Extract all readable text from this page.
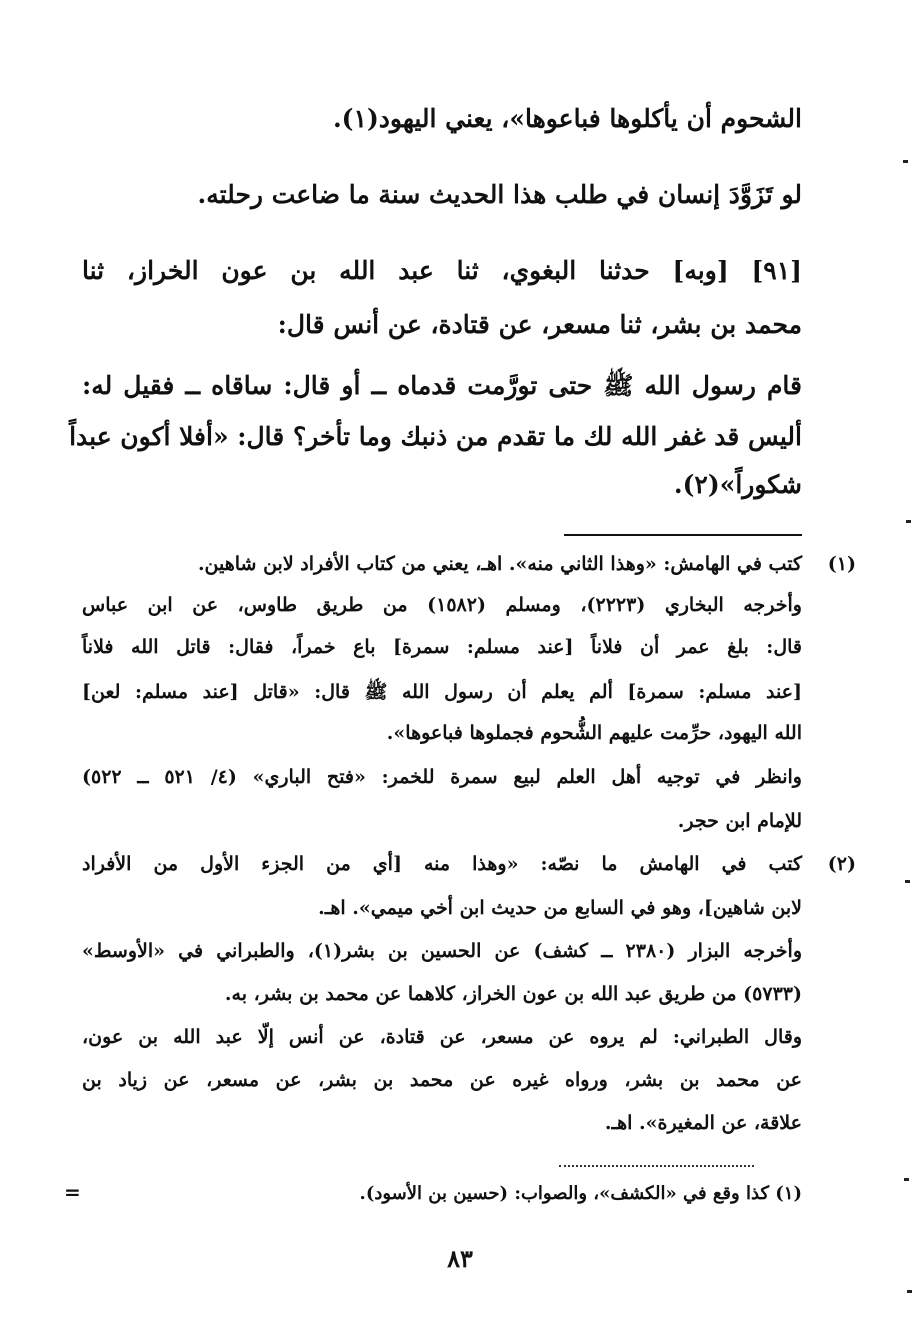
الشحوم أن يأكلوها فباعوها»، يعني اليهود(١).
لو تَزَوَّدَ إنسان في طلب هذا الحديث سنة ما ضاعت رحلته.
[٩١] [وبه] حدثنا البغوي، ثنا عبد الله بن عون الخراز، ثنا
محمد بن بشر، ثنا مسعر، عن قتادة، عن أنس قال:
قام رسول الله ﷺ حتى تورَّمت قدماه ــ أو قال: ساقاه ــ فقيل له:
أليس قد غفر الله لك ما تقدم من ذنبك وما تأخر؟ قال: «أفلا أكون عبداً
شكوراً»(٢).
(١)
كتب في الهامش: «وهذا الثاني منه». اهـ، يعني من كتاب الأفراد لابن شاهين.
وأخرجه البخاري (٢٢٢٣)، ومسلم (١٥٨٢) من طريق طاوس، عن ابن عباس
قال: بلغ عمر أن فلاناً [عند مسلم: سمرة] باع خمراً، فقال: قاتل الله فلاناً
[عند مسلم: سمرة] ألم يعلم أن رسول الله ﷺ قال: «قاتل [عند مسلم: لعن]
الله اليهود، حرِّمت عليهم الشُّحوم فجملوها فباعوها».
وانظر في توجيه أهل العلم لبيع سمرة للخمر: «فتح الباري» (٤/ ٥٢١ ــ ٥٢٢)
للإمام ابن حجر.
(٢)
كتب في الهامش ما نصّه: «وهذا منه [أي من الجزء الأول من الأفراد
لابن شاهين]، وهو في السابع من حديث ابن أخي ميمي». اهـ.
وأخرجه البزار (٢٣٨٠ ــ كشف) عن الحسين بن بشر(١)، والطبراني في «الأوسط»
(٥٧٣٣) من طريق عبد الله بن عون الخراز، كلاهما عن محمد بن بشر، به.
وقال الطبراني: لم يروه عن مسعر، عن قتادة، عن أنس إلّا عبد الله بن عون،
عن محمد بن بشر، ورواه غيره عن محمد بن بشر، عن مسعر، عن زياد بن
علاقة، عن المغيرة». اهـ.
(١) كذا وقع في «الكشف»، والصواب: (حسين بن الأسود).
=
٨٣
